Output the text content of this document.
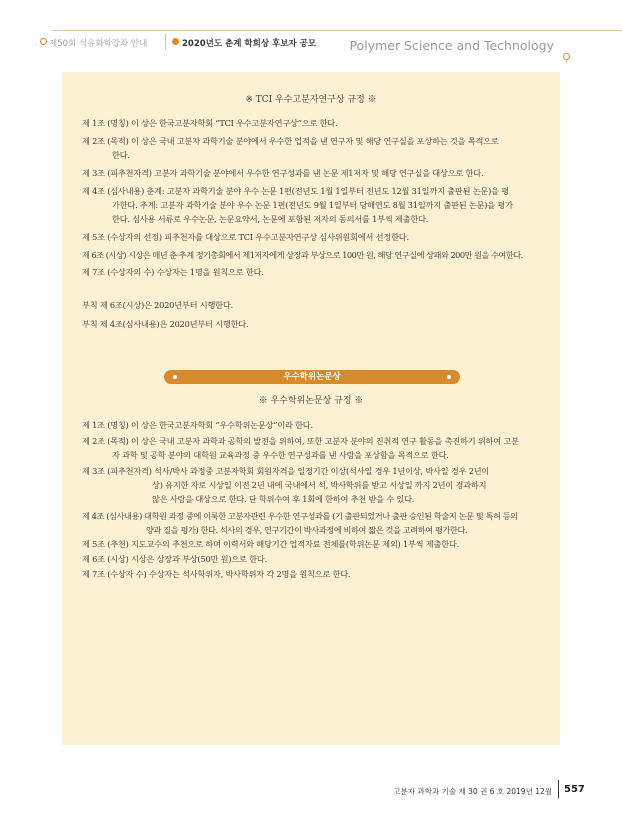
제50회 석유화학강좌 안내	2020년도 춘계 학회상 후보자 공모	Polymer Science and Technology
※ TCI 우수고분자연구상 규정 ※
제 1조 (명칭) 이 상은 한국고분자학회 “TCI 우수고분자연구상”으로 한다.
제 2조 (목적) 이 상은 국내 고분자 과학기술 분야에서 우수한 업적을 낸 연구자 및 해당 연구실을 포상하는 것을 목적으로
한다.
제 3조 (피추천자격) 고분자 과학기술 분야에서 우수한 연구성과를 낸 논문 제1저자 및 해당 연구실을 대상으로 한다.
제 4조 (심사내용) 춘계: 고분자 과학기술 분야 우수 논문 1편(전년도 1월 1일부터 전년도 12월 31일까지 출판된 논문)을 평
가한다. 추계: 고분자 과학기술 분야 우수 논문 1편(전년도 9월 1일부터 당해연도 8월 31일까지 출판된 논문)을 평가
한다. 심사용 서류로 우수논문, 논문요약서, 논문에 포함된 저자의 동의서를 1부씩 제출한다.
제 5조 (수상자의 선정) 피추천자를 대상으로 TCI 우수고분자연구상 심사위원회에서 선정한다.
제 6조 (시상) 시상은 매년 춘·추계 정기총회에서 제1저자에게 상장과 부상으로 100만 원, 해당 연구실에 상패와 200만 원을 수여한다.
제 7조 (수상자의 수) 수상자는 1명을 원칙으로 한다.
부칙 제 6조(시상)은 2020년부터 시행한다.
부칙 제 4조(심사내용)은 2020년부터 시행한다.
우수학위논문상
※ 우수학위논문상 규정 ※
제 1조 (명칭) 이 상은 한국고분자학회 “우수학위논문상”이라 한다.
제 2조 (목적) 이 상은 국내 고분자 과학과 공학의 발전을 위하여, 또한 고분자 분야의 진취적 연구 활동을 촉진하기 위하여 고분
자 과학 및 공학 분야의 대학원 교육과정 중 우수한 연구성과를 낸 사람을 포상함을 목적으로 한다.
제 3조 (피추천자격) 석사/박사 과정중 고분자학회 회원자격을 일정기간 이상(석사일 경우 1년이상, 박사일 경우 2년이
상) 유지한 자로 시상일 이전 2년 내에 국내에서 석, 박사학위를 받고 시상일 까지 2년이 경과하지
않은 사람을 대상으로 한다. 단 학위수여 후 1회에 한하여 추천 받을 수 있다.
제 4조 (심사내용) 대학원 과정 중에 이룩한 고분자관련 우수한 연구성과를 (기 출판되었거나 출판 승인된 학술지 논문 및 특허 등의
양과 질을 평가) 한다. 석사의 경우, 연구기간이 박사과정에 비하여 짧은 것을 고려하여 평가한다.
제 5조 (추천) 지도교수의 추천으로 하며 이력서와 해당기간 업적자료 전체를(학위논문 제외) 1부씩 제출한다.
제 6조 (시상) 시상은 상장과 부상(50만 원)으로 한다.
제 7조 (수상자 수) 수상자는 석사학위자, 박사학위자 각 2명을 원칙으로 한다.
고분자 과학과 기술 제 30 권 6 호 2019년 12월 557
